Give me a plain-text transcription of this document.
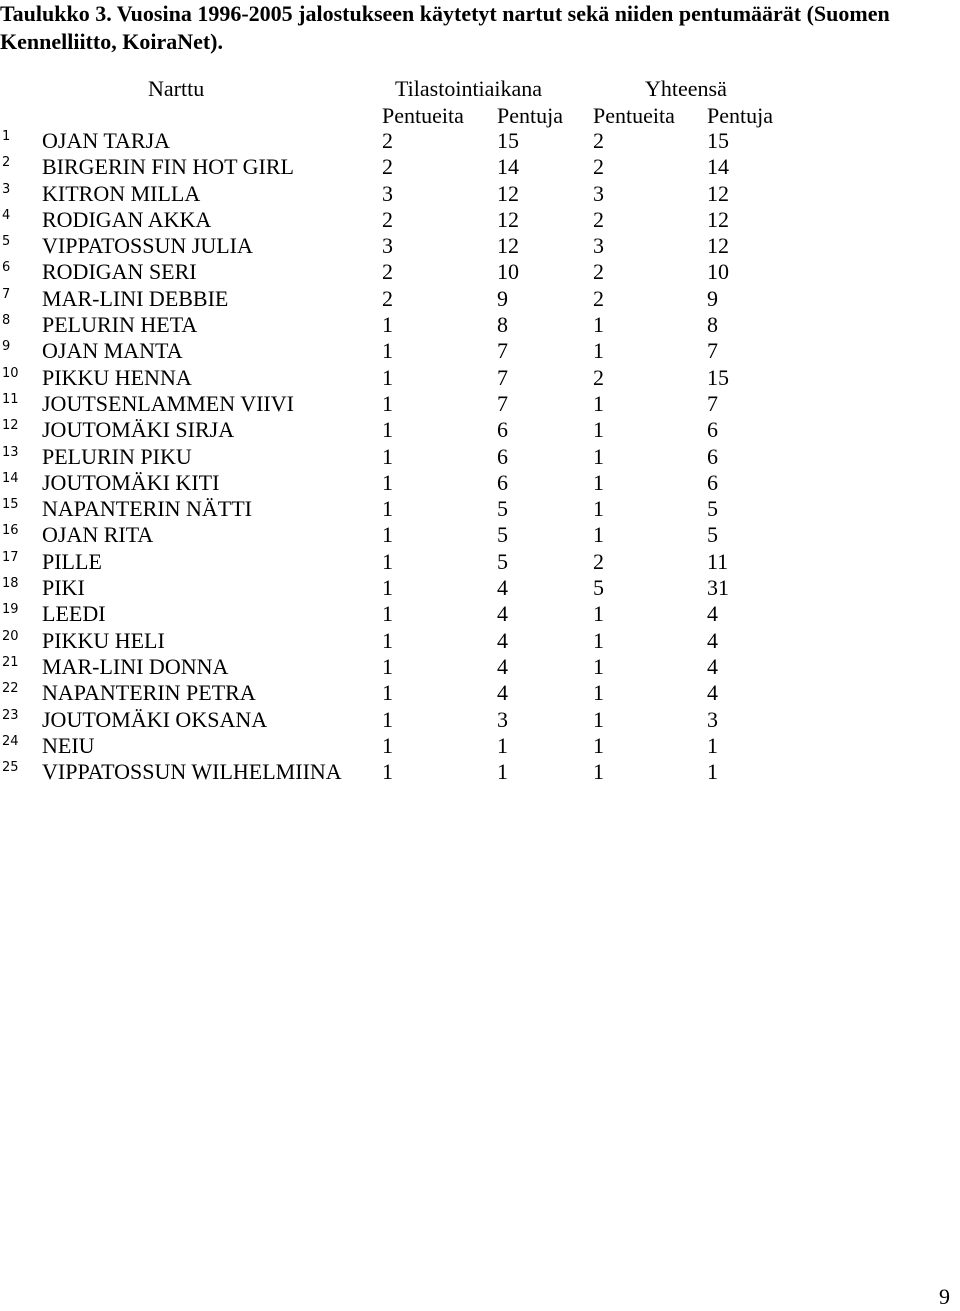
Taulukko 3. Vuosina 1996-2005 jalostukseen käytetyt nartut sekä niiden pentumäärät (Suomen Kennelliitto, KoiraNet).

Narttu	Tilastointiaikana	Yhteensä
Pentueita Pentuja Pentueita Pentuja
1 OJAN TARJA	2	15	2	15
2 BIRGERIN FIN HOT GIRL	2	14	2	14
3 KITRON MILLA	3	12	3	12
4 RODIGAN AKKA	2	12	2	12
5 VIPPATOSSUN JULIA	3	12	3	12
6 RODIGAN SERI	2	10	2	10
7 MAR-LINI DEBBIE	2	9	2	9
8 PELURIN HETA	1	8	1	8
9 OJAN MANTA	1	7	1	7
10 PIKKU HENNA	1	7	2	15
11 JOUTSENLAMMEN VIIVI	1	7	1	7
12 JOUTOMÄKI SIRJA	1	6	1	6
13 PELURIN PIKU	1	6	1	6
14 JOUTOMÄKI KITI	1	6	1	6
15 NAPANTERIN NÄTTI	1	5	1	5
16 OJAN RITA	1	5	1	5
17 PILLE	1	5	2	11
18 PIKI	1	4	5	31
19 LEEDI	1	4	1	4
20 PIKKU HELI	1	4	1	4
21 MAR-LINI DONNA	1	4	1	4
22 NAPANTERIN PETRA	1	4	1	4
23 JOUTOMÄKI OKSANA	1	3	1	3
24 NEIU	1	1	1	1
25 VIPPATOSSUN WILHELMIINA 1	1	1	1
9
